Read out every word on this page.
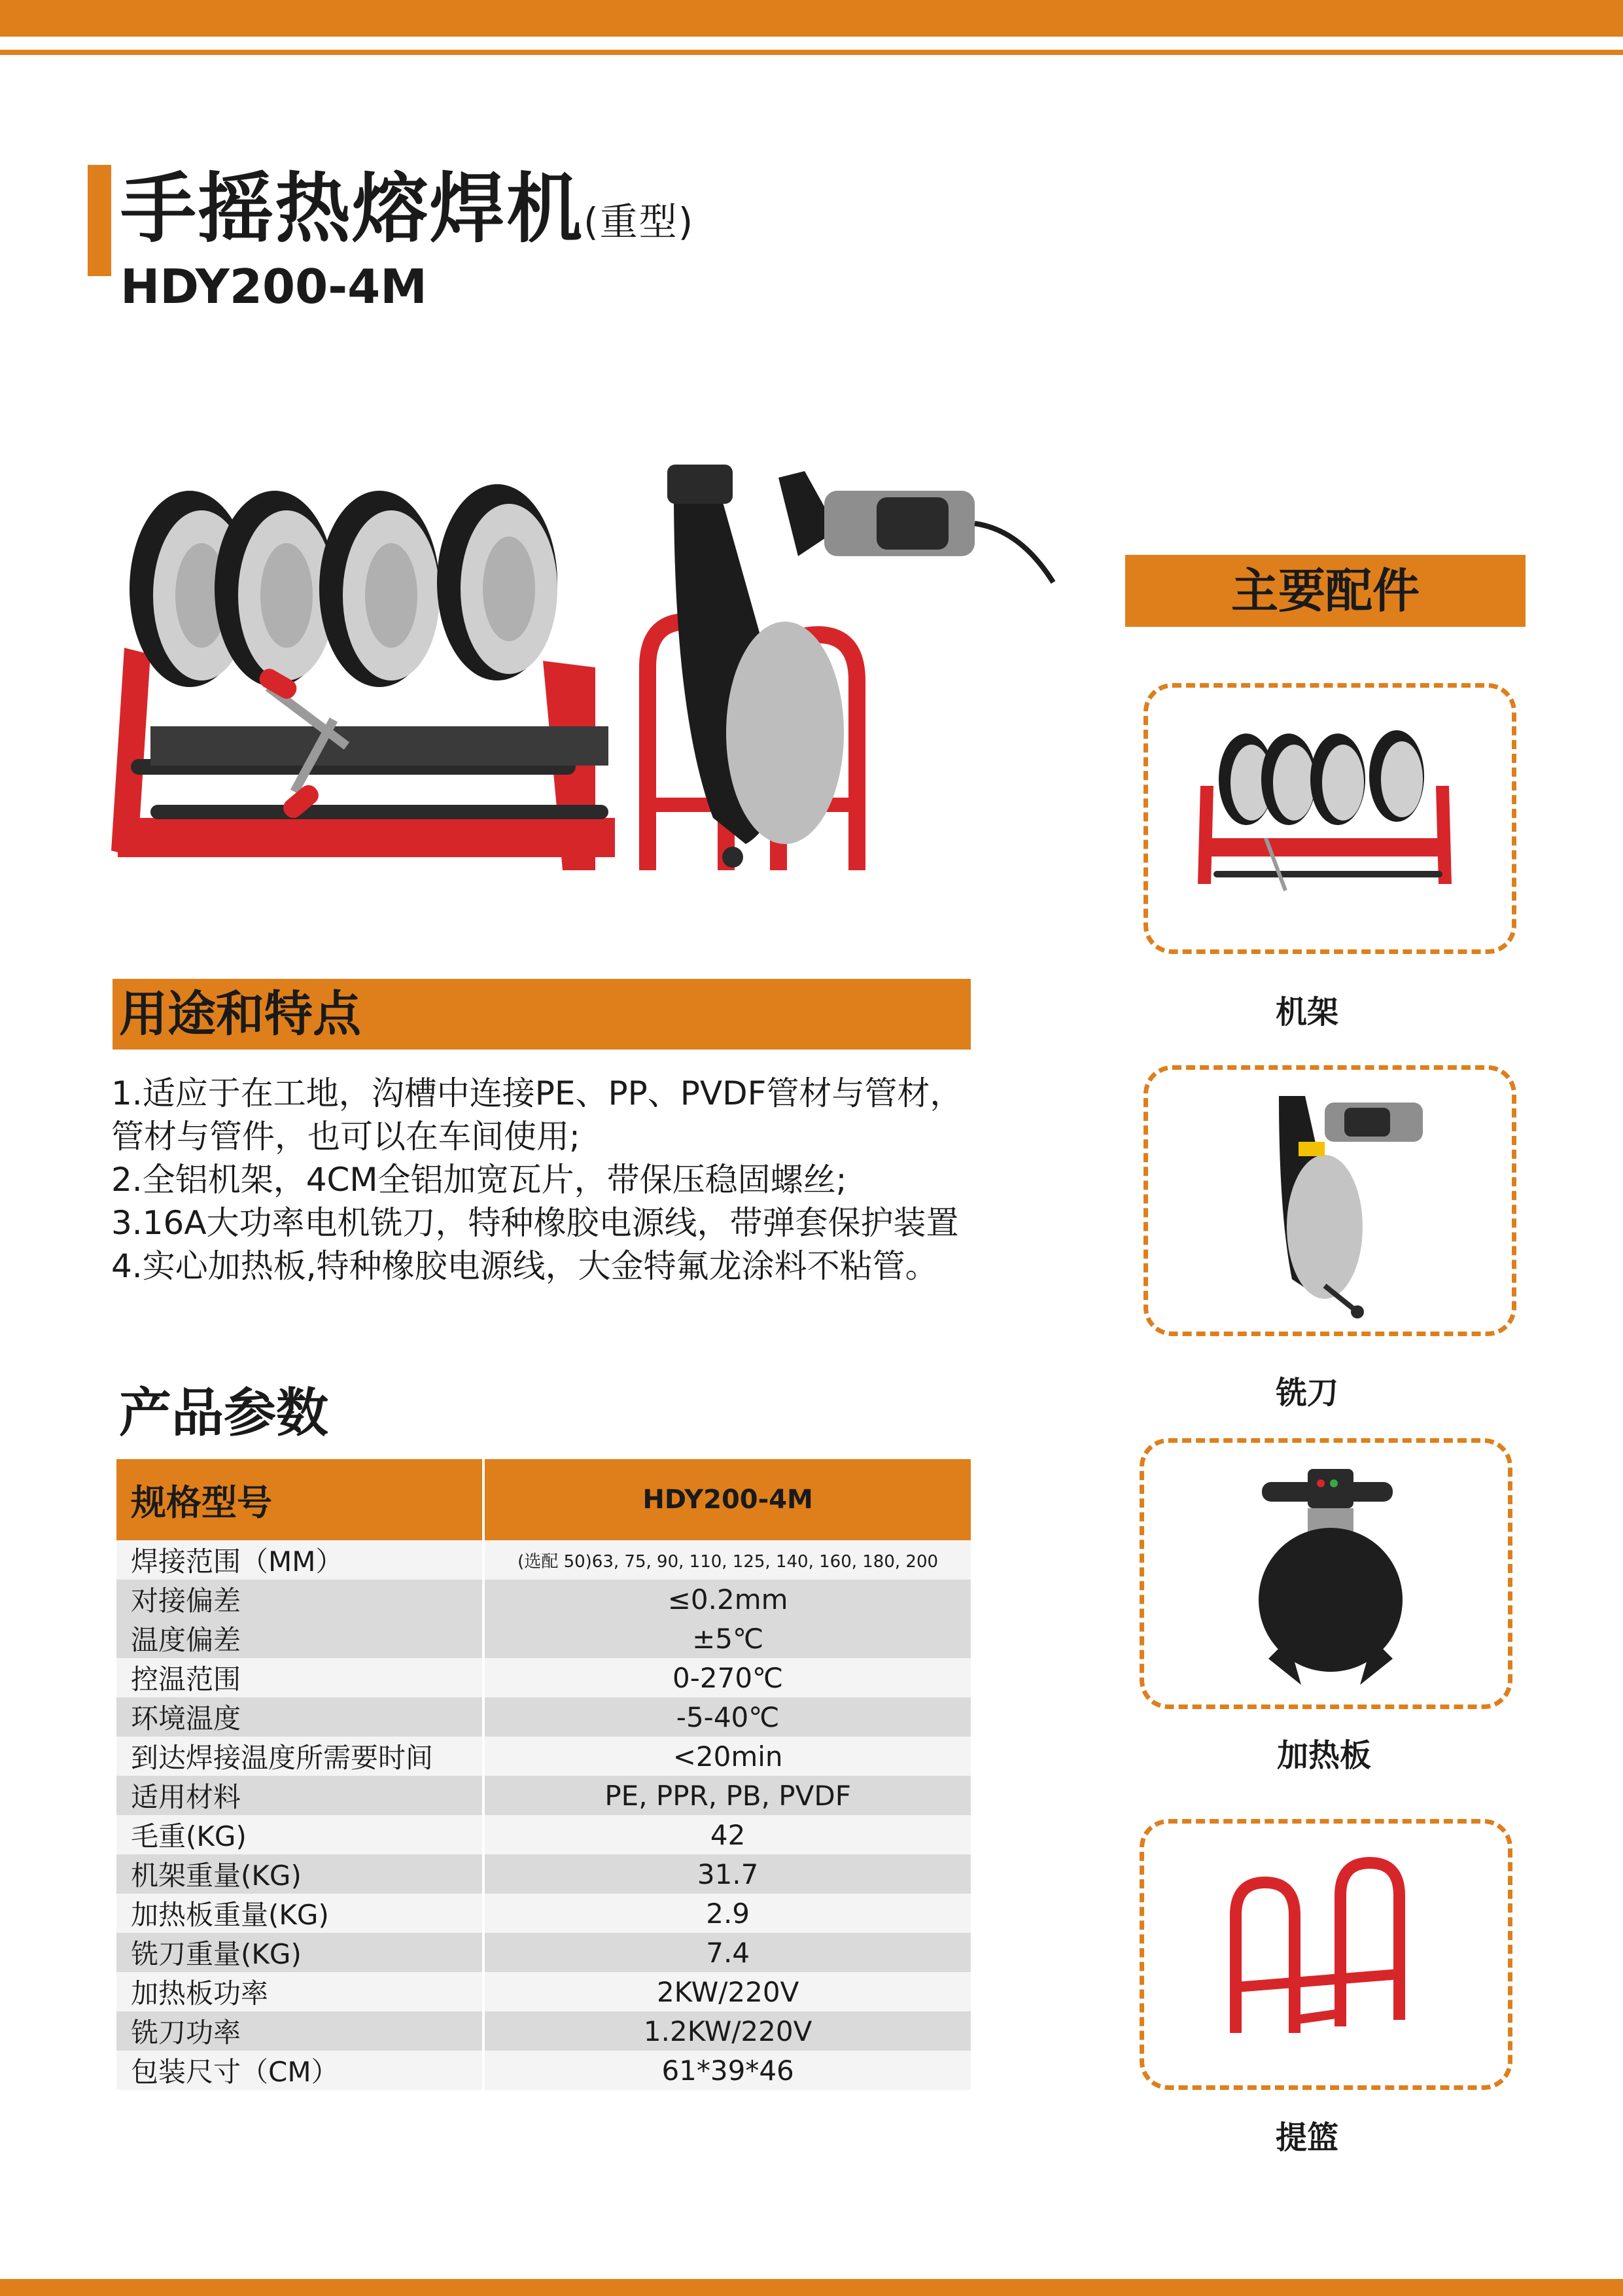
手摇热熔焊机(重型)
HDY200-4M
用途和特点

1.适应于在工地，沟槽中连接PE、PP、PVDF管材与管材，管材与管件，也可以在车间使用;

2.全铝机架，4CM全铝加宽瓦片，带保压稳固螺丝;

3.16A大功率电机铣刀，特种橡胶电源线，带弹套保护装置

4.实心加热板,特种橡胶电源线，大金特氟龙涂料不粘管。

产品参数
规格型号	HDY200-4M
焊接范围（MM）	(选配 50)63, 75, 90, 110, 125, 140, 160, 180, 200
对接偏差	≤0.2mm
温度偏差	±5℃
控温范围	0-270℃
环境温度	-5-40℃
到达焊接温度所需要时间	<20min
适用材料	PE, PPR, PB, PVDF
毛重(KG)	42
机架重量(KG)	31.7
加热板重量(KG)	2.9
铣刀重量(KG)	7.4
加热板功率	2KW/220V
铣刀功率	1.2KW/220V
包装尺寸（CM）	61*39*46
主要配件
机架
铣刀
加热板
提篮
